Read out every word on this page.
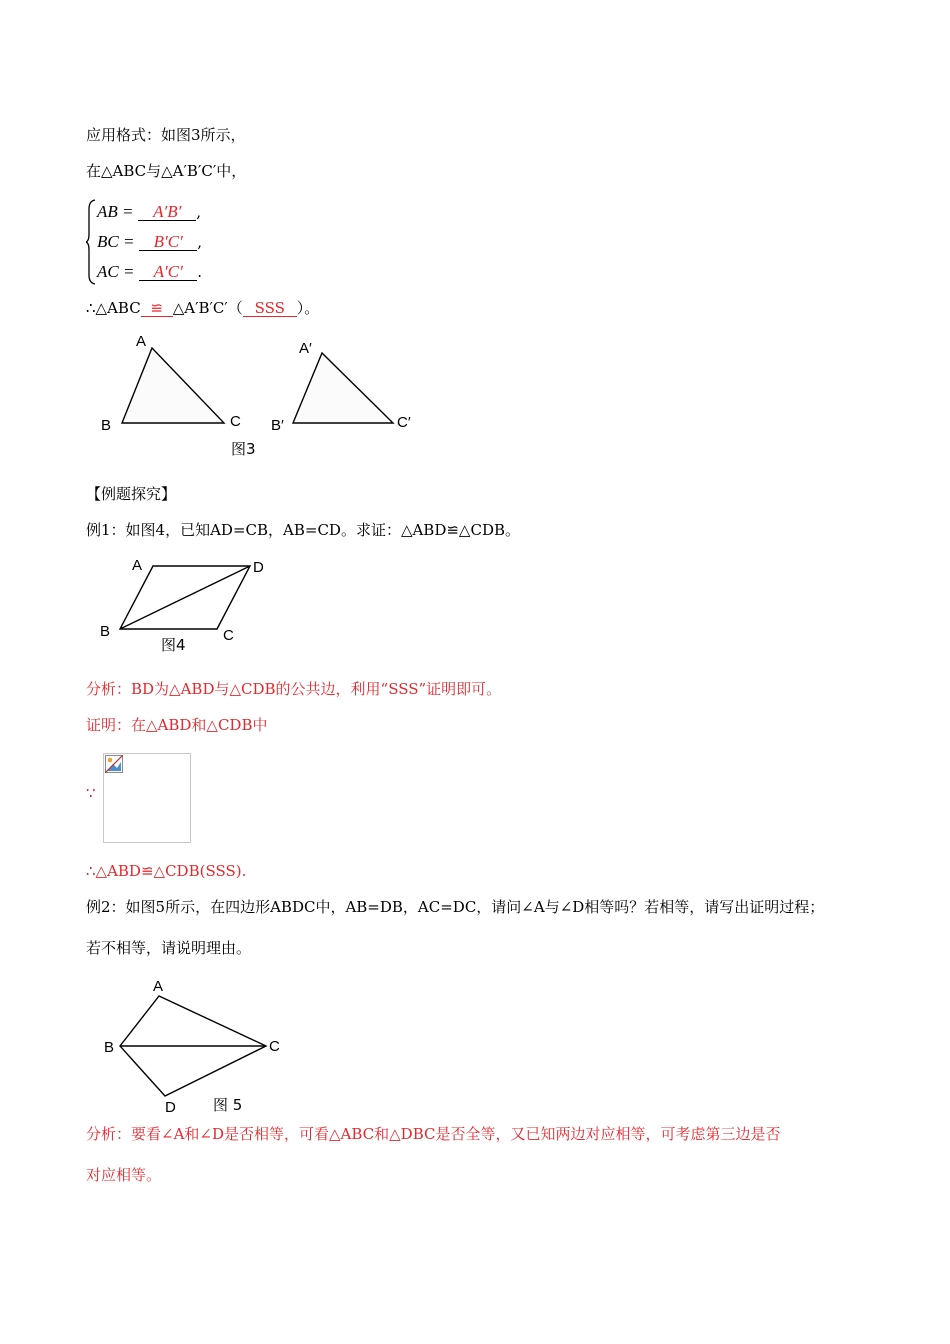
应用格式：如图3所示，
在△ABC与△A′B′C′中，
AB = A′B′ ,
BC = B′C′ ,
AC = A′C′ .
∴△ABC ≌ △A′B′C′（ SSS ）。
A
B	C
A′
B′	C′
图3
【例题探究】
例1：如图4，已知AD=CB，AB=CD。求证：△ABD≌△CDB。
A	D
B	C
图4
分析：BD为△ABD与△CDB的公共边，利用“SSS”证明即可。
证明：在△ABD和△CDB中
∵
∴△ABD≌△CDB(SSS).
例2：如图5所示，在四边形ABDC中，AB=DB，AC=DC，请问∠A与∠D相等吗？若相等，请写出证明过程；
若不相等，请说明理由。
A
B	C
D 图 5
分析：要看∠A和∠D是否相等，可看△ABC和△DBC是否全等，又已知两边对应相等，可考虑第三边是否
对应相等。
